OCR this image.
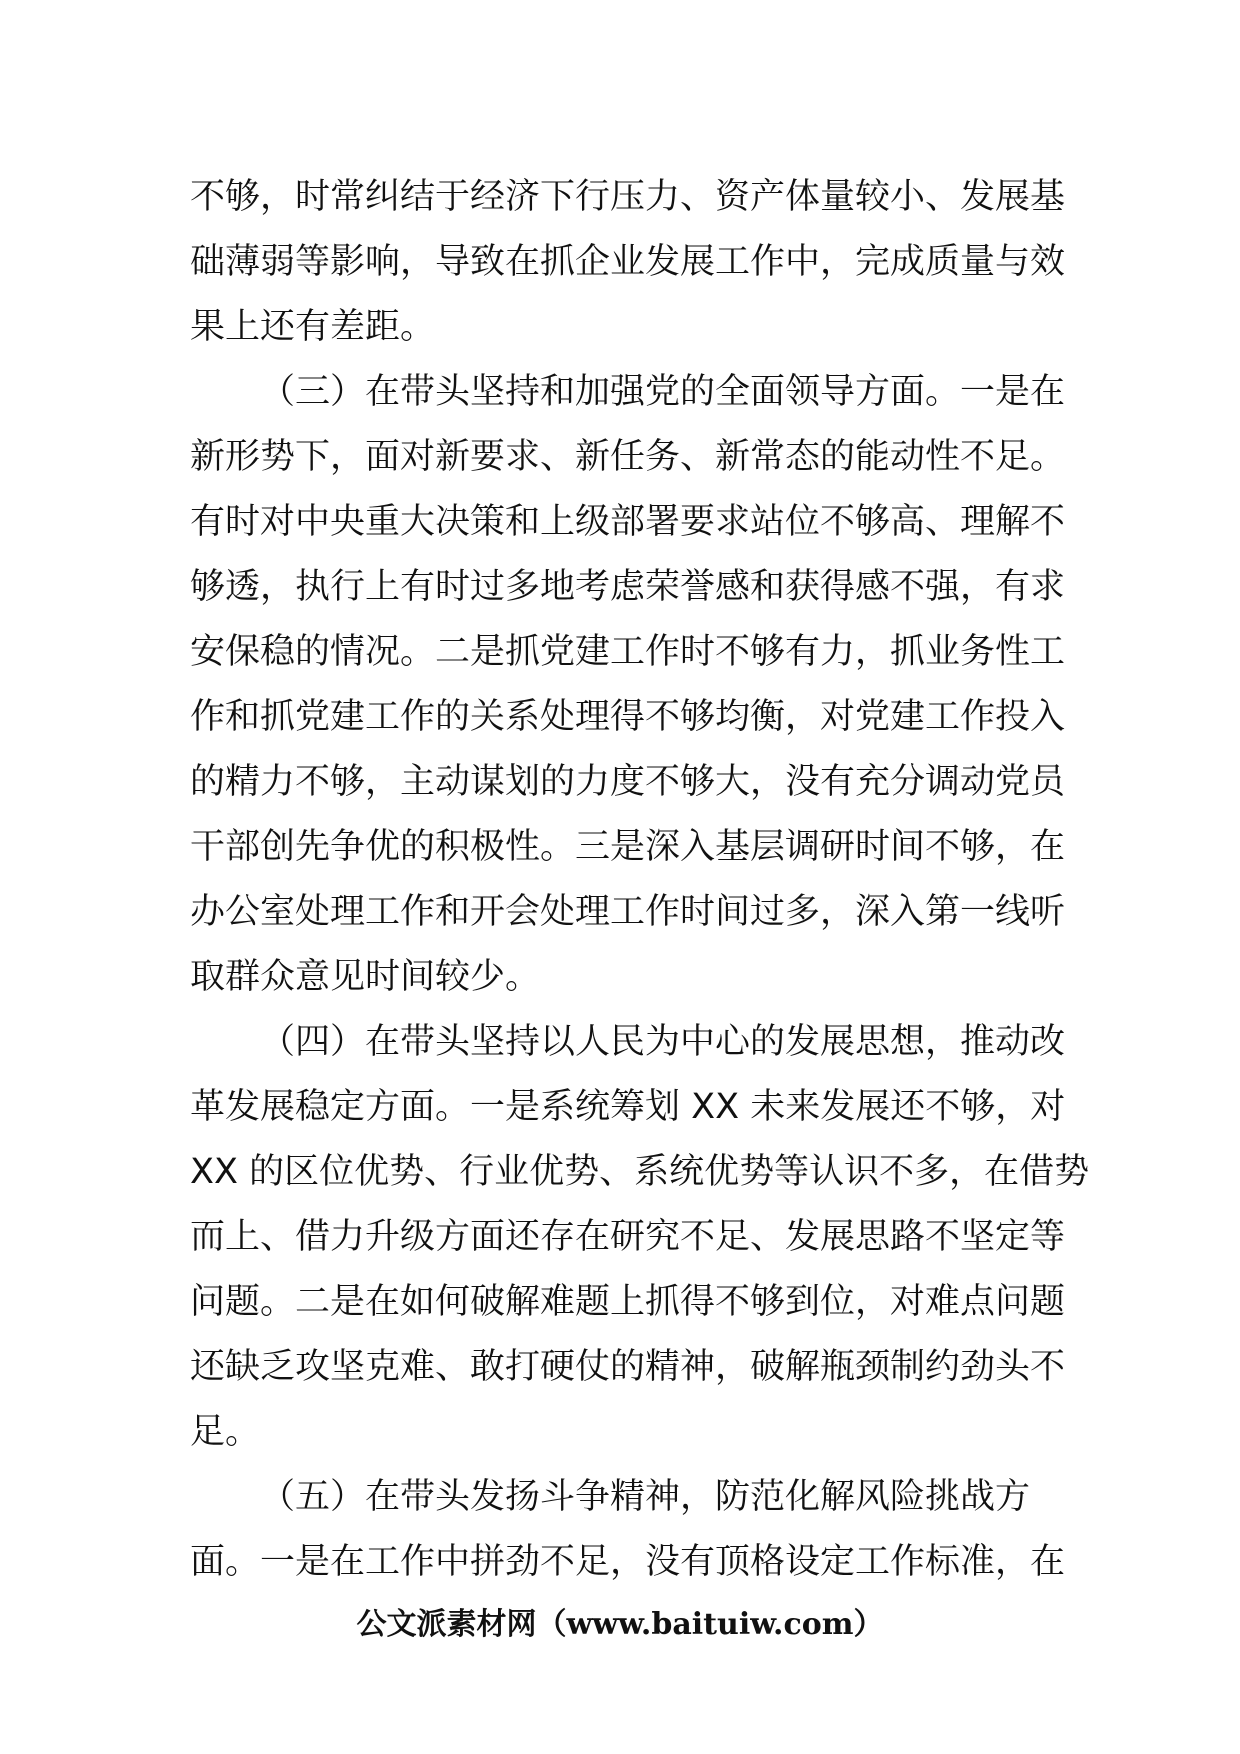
不够，时常纠结于经济下行压力、资产体量较小、发展基
础薄弱等影响，导致在抓企业发展工作中，完成质量与效
果上还有差距。
（三）在带头坚持和加强党的全面领导方面。一是在
新形势下，面对新要求、新任务、新常态的能动性不足。
有时对中央重大决策和上级部署要求站位不够高、理解不
够透，执行上有时过多地考虑荣誉感和获得感不强，有求
安保稳的情况。二是抓党建工作时不够有力，抓业务性工
作和抓党建工作的关系处理得不够均衡，对党建工作投入
的精力不够，主动谋划的力度不够大，没有充分调动党员
干部创先争优的积极性。三是深入基层调研时间不够，在
办公室处理工作和开会处理工作时间过多，深入第一线听
取群众意见时间较少。
（四）在带头坚持以人民为中心的发展思想，推动改
革发展稳定方面。一是系统筹划 XX 未来发展还不够，对
XX 的区位优势、行业优势、系统优势等认识不多，在借势
而上、借力升级方面还存在研究不足、发展思路不坚定等
问题。二是在如何破解难题上抓得不够到位，对难点问题
还缺乏攻坚克难、敢打硬仗的精神，破解瓶颈制约劲头不
足。
（五）在带头发扬斗争精神，防范化解风险挑战方
面。一是在工作中拼劲不足，没有顶格设定工作标准，在
公文派素材网（www.baituiw.com）
